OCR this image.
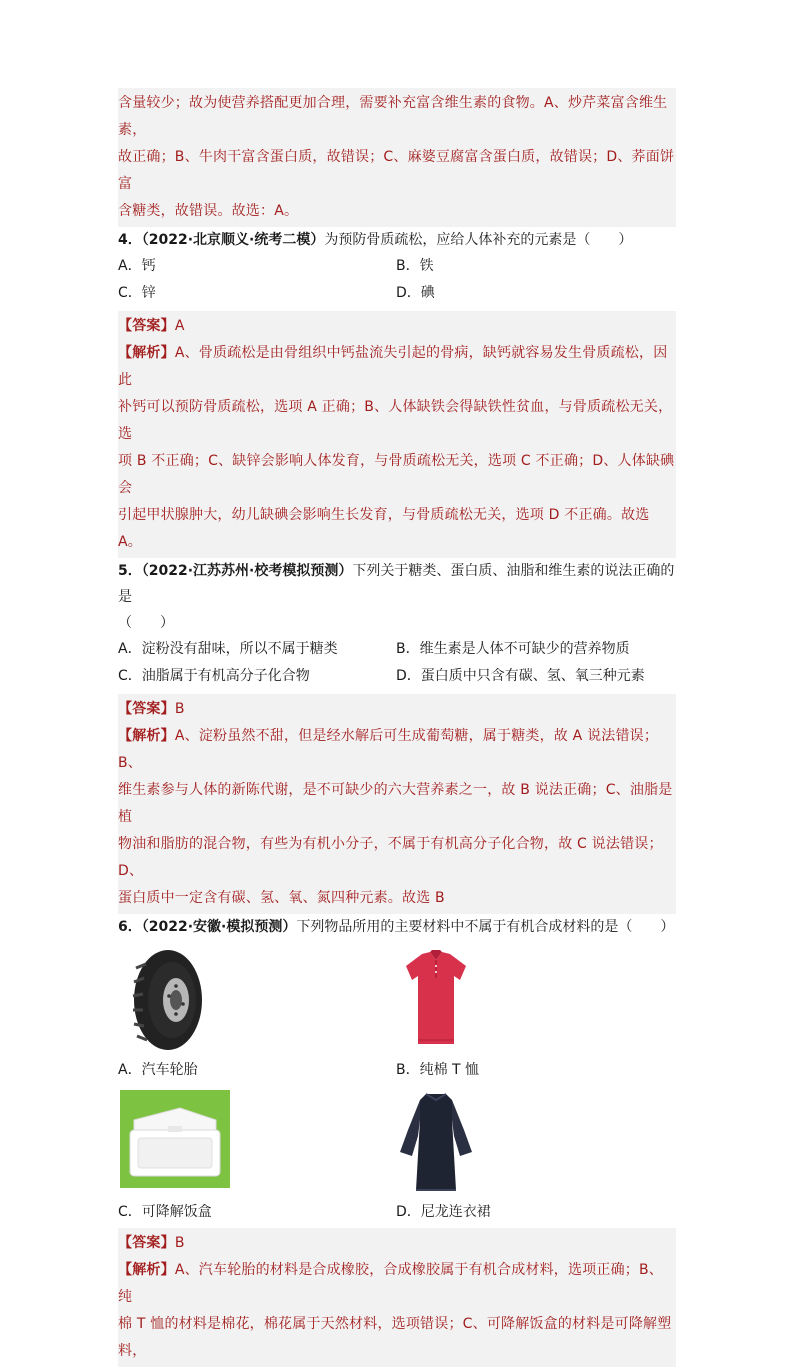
含量较少；故为使营养搭配更加合理，需要补充富含维生素的食物。A、炒芹菜富含维生素，
故正确；B、牛肉干富含蛋白质，故错误；C、麻婆豆腐富含蛋白质，故错误；D、荞面饼富
含糖类，故错误。故选：A。
4．（2022·北京顺义·统考二模）为预防骨质疏松，应给人体补充的元素是（　　）
A．钙	B．铁
C．锌	D．碘
【答案】A
【解析】A、骨质疏松是由骨组织中钙盐流失引起的骨病，缺钙就容易发生骨质疏松，因此
补钙可以预防骨质疏松，选项 A 正确；B、人体缺铁会得缺铁性贫血，与骨质疏松无关，选
项 B 不正确；C、缺锌会影响人体发育，与骨质疏松无关，选项 C 不正确；D、人体缺碘会
引起甲状腺肿大，幼儿缺碘会影响生长发育，与骨质疏松无关，选项 D 不正确。故选 A。
5．（2022·江苏苏州·校考模拟预测）下列关于糖类、蛋白质、油脂和维生素的说法正确的是
（　　）
A．淀粉没有甜味，所以不属于糖类	B．维生素是人体不可缺少的营养物质
C．油脂属于有机高分子化合物	D．蛋白质中只含有碳、氢、氧三种元素
【答案】B
【解析】A、淀粉虽然不甜，但是经水解后可生成葡萄糖，属于糖类，故 A 说法错误；B、
维生素参与人体的新陈代谢，是不可缺少的六大营养素之一，故 B 说法正确；C、油脂是植
物油和脂肪的混合物，有些为有机小分子，不属于有机高分子化合物，故 C 说法错误；D、
蛋白质中一定含有碳、氢、氧、氮四种元素。故选 B
6．（2022·安徽·模拟预测）下列物品所用的主要材料中不属于有机合成材料的是（　　）
A．汽车轮胎	B．纯棉 T 恤
C．可降解饭盒	D．尼龙连衣裙
【答案】B
【解析】A、汽车轮胎的材料是合成橡胶，合成橡胶属于有机合成材料，选项正确；B、纯
棉 T 恤的材料是棉花，棉花属于天然材料，选项错误；C、可降解饭盒的材料是可降解塑料，
